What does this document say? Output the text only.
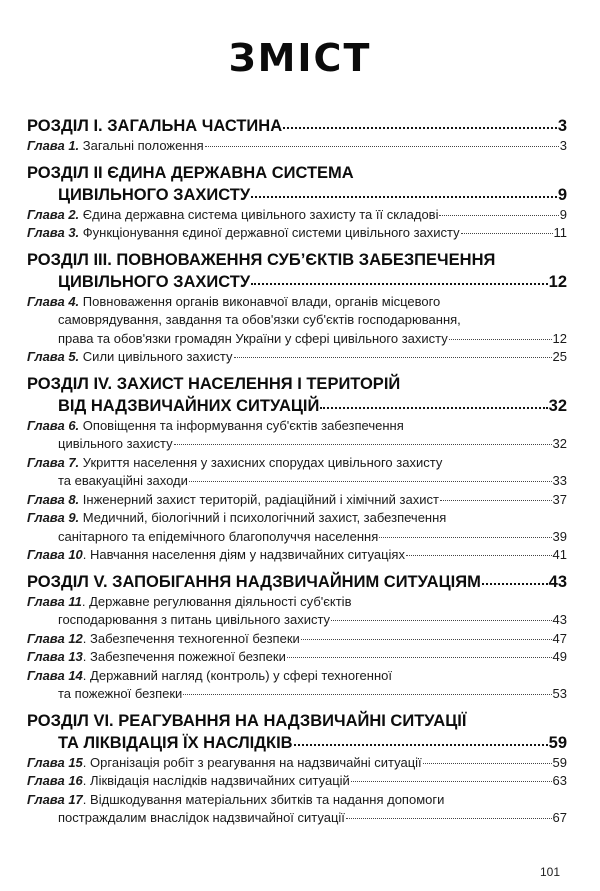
ЗМІСТ
РОЗДІЛ І. ЗАГАЛЬНА ЧАСТИНА	3
Глава 1. Загальні положення	3
РОЗДІЛ ІІ ЄДИНА ДЕРЖАВНА СИСТЕМА
ЦИВІЛЬНОГО ЗАХИСТУ	9
Глава 2. Єдина державна система цивільного захисту та її складові	9
Глава 3. Функціонування єдиної державної системи цивільного захисту	11
РОЗДІЛ ІІІ. ПОВНОВАЖЕННЯ СУБ’ЄКТІВ ЗАБЕЗПЕЧЕННЯ
ЦИВІЛЬНОГО ЗАХИСТУ	12
Глава 4. Повноваження органів виконавчої влади, органів місцевого
самоврядування, завдання та обов'язки суб'єктів господарювання,
права та обов'язки громадян України у сфері цивільного захисту	12
Глава 5. Сили цивільного захисту	25
РОЗДІЛ IV. ЗАХИСТ НАСЕЛЕННЯ І ТЕРИТОРІЙ
ВІД НАДЗВИЧАЙНИХ СИТУАЦІЙ	32
Глава 6. Оповіщення та інформування суб'єктів забезпечення
цивільного захисту	32
Глава 7. Укриття населення у захисних спорудах цивільного захисту
та евакуаційні заходи	33
Глава 8. Інженерний захист територій, радіаційний і хімічний захист	37
Глава 9. Медичний, біологічний і психологічний захист, забезпечення
санітарного та епідемічного благополуччя населення	39
Глава 10. Навчання населення діям у надзвичайних ситуаціях	41
РОЗДІЛ V. ЗАПОБІГАННЯ НАДЗВИЧАЙНИМ СИТУАЦІЯМ	43
Глава 11. Державне регулювання діяльності суб'єктів
господарювання з питань цивільного захисту	43
Глава 12. Забезпечення техногенної безпеки	47
Глава 13. Забезпечення пожежної безпеки	49
Глава 14. Державний нагляд (контроль) у сфері техногенної
та пожежної безпеки	53
РОЗДІЛ VI. РЕАГУВАННЯ НА НАДЗВИЧАЙНІ СИТУАЦІЇ
ТА ЛІКВІДАЦІЯ ЇХ НАСЛІДКІВ	59
Глава 15. Організація робіт з реагування на надзвичайні ситуації	59
Глава 16. Ліквідація наслідків надзвичайних ситуацій	63
Глава 17. Відшкодування матеріальних збитків та надання допомоги
постраждалим внаслідок надзвичайної ситуації	67
101
